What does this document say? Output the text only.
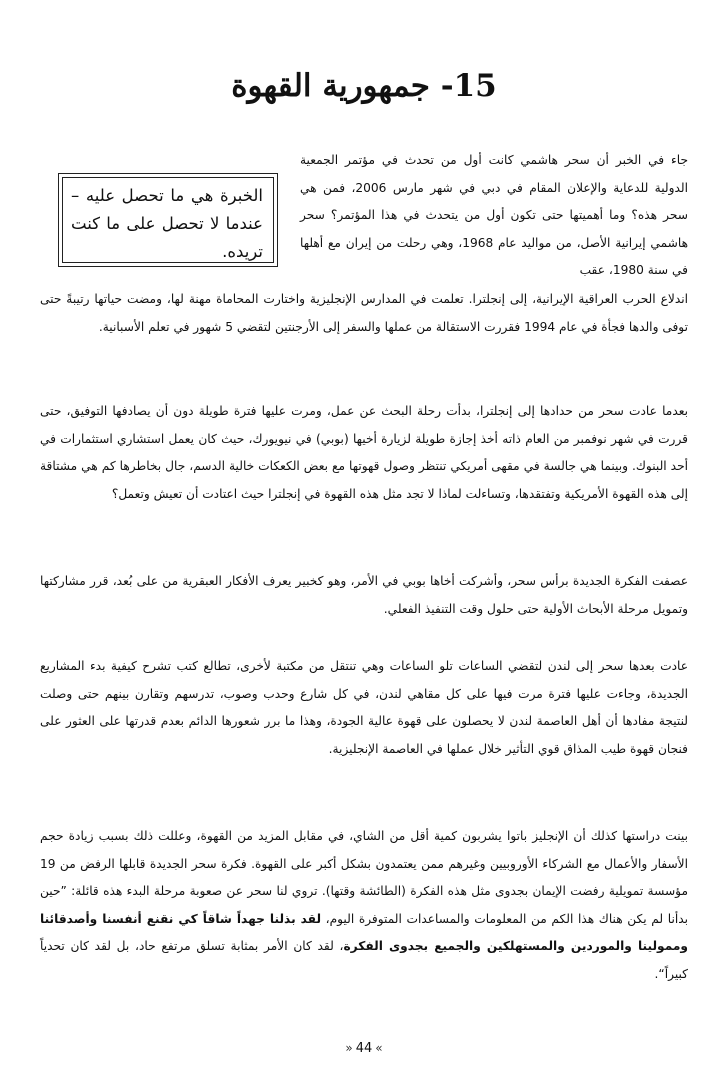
15- جمهورية القهوة
الخبرة هي ما تحصل عليه – عندما لا تحصل على ما كنت تريده.
جاء في الخبر أن سحر هاشمي كانت أول من تحدث في مؤتمر الجمعية الدولية للدعاية والإعلان المقام في دبي في شهر مارس 2006، فمن هي سحر هذه؟ وما أهميتها حتى تكون أول من يتحدث في هذا المؤتمر؟ سحر هاشمي إيرانية الأصل، من مواليد عام 1968، وهي رحلت من إيران مع أهلها في سنة 1980، عقب
اندلاع الحرب العراقية الإيرانية، إلى إنجلترا. تعلمت في المدارس الإنجليزية واختارت المحاماة مهنة لها، ومضت حياتها رتيبةً حتى توفى والدها فجأة في عام 1994 فقررت الاستقالة من عملها والسفر إلى الأرجنتين لتقضي 5 شهور في تعلم الأسبانية.
بعدما عادت سحر من حدادها إلى إنجلترا، بدأت رحلة البحث عن عمل، ومرت عليها فترة طويلة دون أن يصادفها التوفيق، حتى قررت في شهر نوفمبر من العام ذاته أخذ إجازة طويلة لزيارة أخيها (بوبي) في نيويورك، حيث كان يعمل استشاري استثمارات في أحد البنوك. وبينما هي جالسة في مقهى أمريكي تنتظر وصول قهوتها مع بعض الكعكات خالية الدسم، جال بخاطرها كم هي مشتاقة إلى هذه القهوة الأمريكية وتفتقدها، وتساءلت لماذا لا تجد مثل هذه القهوة في إنجلترا حيث اعتادت أن تعيش وتعمل؟
عصفت الفكرة الجديدة برأس سحر، وأشركت أخاها بوبي في الأمر، وهو كخبير يعرف الأفكار العبقرية من على بُعد، قرر مشاركتها وتمويل مرحلة الأبحاث الأولية حتى حلول وقت التنفيذ الفعلي.
عادت بعدها سحر إلى لندن لتقضي الساعات تلو الساعات وهي تنتقل من مكتبة لأخرى، تطالع كتب تشرح كيفية بدء المشاريع الجديدة، وجاءت عليها فترة مرت فيها على كل مقاهي لندن، في كل شارع وحدب وصوب، تدرسهم وتقارن بينهم حتى وصلت لنتيجة مفادها أن أهل العاصمة لندن لا يحصلون على قهوة عالية الجودة، وهذا ما برر شعورها الدائم بعدم قدرتها على العثور على فنجان قهوة طيب المذاق قوي التأثير خلال عملها في العاصمة الإنجليزية.
بينت دراستها كذلك أن الإنجليز باتوا يشربون كمية أقل من الشاي، في مقابل المزيد من القهوة، وعللت ذلك بسبب زيادة حجم الأسفار والأعمال مع الشركاء الأوروبيين وغيرهم ممن يعتمدون بشكل أكبر على القهوة. فكرة سحر الجديدة قابلها الرفض من 19 مؤسسة تمويلية رفضت الإيمان بجدوى مثل هذه الفكرة (الطائشة وقتها). تروي لنا سحر عن صعوبة مرحلة البدء هذه قائلة: ”حين بدأنا لم يكن هناك هذا الكم من المعلومات والمساعدات المتوفرة اليوم، لقد بذلنا جهداً شاقاً كي نقنع أنفسنا وأصدقائنا وممولينا والموردين والمستهلكين والجميع بجدوى الفكرة، لقد كان الأمر بمثابة تسلق مرتفع حاد، بل لقد كان تحدياً كبيراً“.
»44«
